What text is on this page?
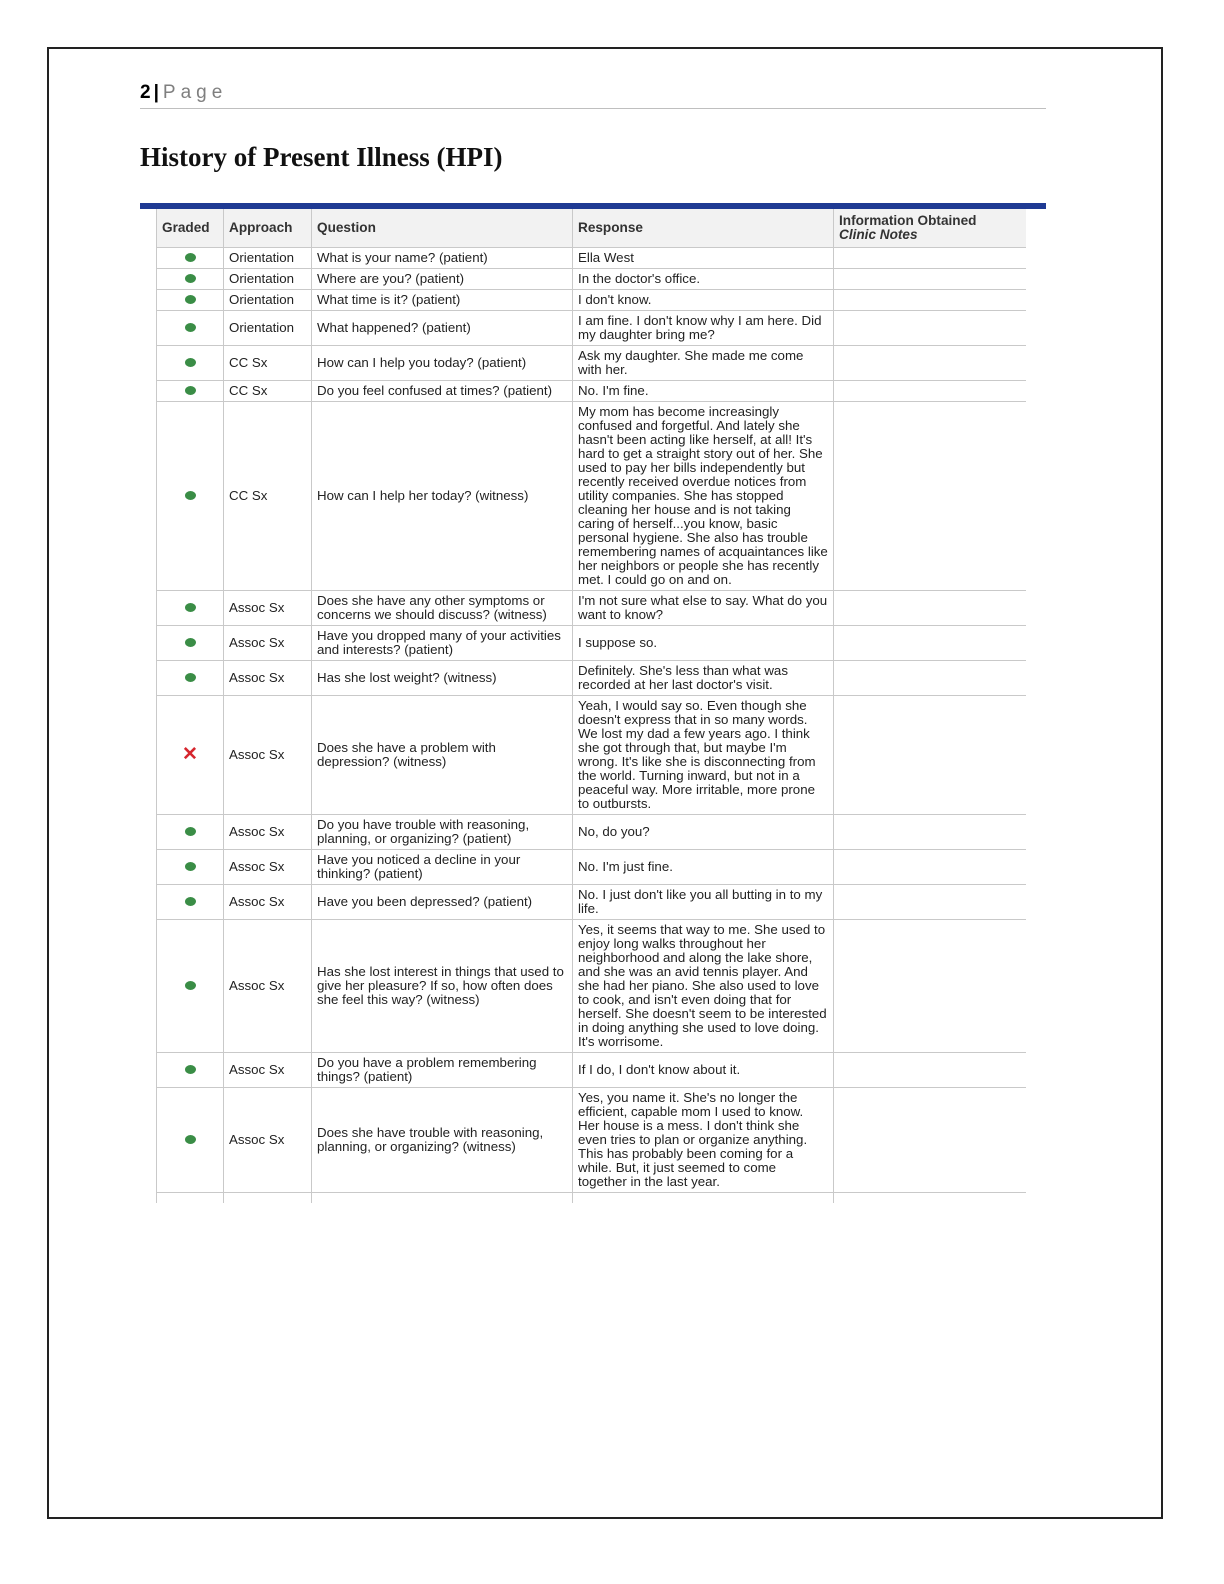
2 | Page
History of Present Illness (HPI)
Graded	Approach	Question	Response	Information Obtained
Clinic Notes

	Orientation	What is your name? (patient)	Ella West	
	Orientation	Where are you? (patient)	In the doctor's office.	
	Orientation	What time is it? (patient)	I don't know.	
	Orientation	What happened? (patient)	I am fine. I don't know why I am here. Did my daughter bring me?	
	CC Sx	How can I help you today? (patient)	Ask my daughter. She made me come with her.	
	CC Sx	Do you feel confused at times? (patient)	No. I'm fine.	
	CC Sx	How can I help her today? (witness)	My mom has become increasingly confused and forgetful. And lately she hasn't been acting like herself, at all! It's hard to get a straight story out of her. She used to pay her bills independently but recently received overdue notices from utility companies. She has stopped cleaning her house and is not taking caring of herself...you know, basic personal hygiene. She also has trouble remembering names of acquaintances like her neighbors or people she has recently met. I could go on and on.	
	Assoc Sx	Does she have any other symptoms or concerns we should discuss? (witness)	I'm not sure what else to say. What do you want to know?	
	Assoc Sx	Have you dropped many of your activities and interests? (patient)	I suppose so.	
	Assoc Sx	Has she lost weight? (witness)	Definitely. She's less than what was recorded at her last doctor's visit.	
✕	Assoc Sx	Does she have a problem with depression? (witness)	Yeah, I would say so. Even though she doesn't express that in so many words. We lost my dad a few years ago. I think she got through that, but maybe I'm wrong. It's like she is disconnecting from the world. Turning inward, but not in a peaceful way. More irritable, more prone to outbursts.	
	Assoc Sx	Do you have trouble with reasoning, planning, or organizing? (patient)	No, do you?	
	Assoc Sx	Have you noticed a decline in your thinking? (patient)	No. I'm just fine.	
	Assoc Sx	Have you been depressed? (patient)	No. I just don't like you all butting in to my life.	
	Assoc Sx	Has she lost interest in things that used to give her pleasure? If so, how often does she feel this way? (witness)	Yes, it seems that way to me. She used to enjoy long walks throughout her neighborhood and along the lake shore, and she was an avid tennis player. And she had her piano. She also used to love to cook, and isn't even doing that for herself. She doesn't seem to be interested in doing anything she used to love doing. It's worrisome.	
	Assoc Sx	Do you have a problem remembering things? (patient)	If I do, I don't know about it.	
	Assoc Sx	Does she have trouble with reasoning, planning, or organizing? (witness)	Yes, you name it. She's no longer the efficient, capable mom I used to know. Her house is a mess. I don't think she even tries to plan or organize anything. This has probably been coming for a while. But, it just seemed to come together in the last year.	
